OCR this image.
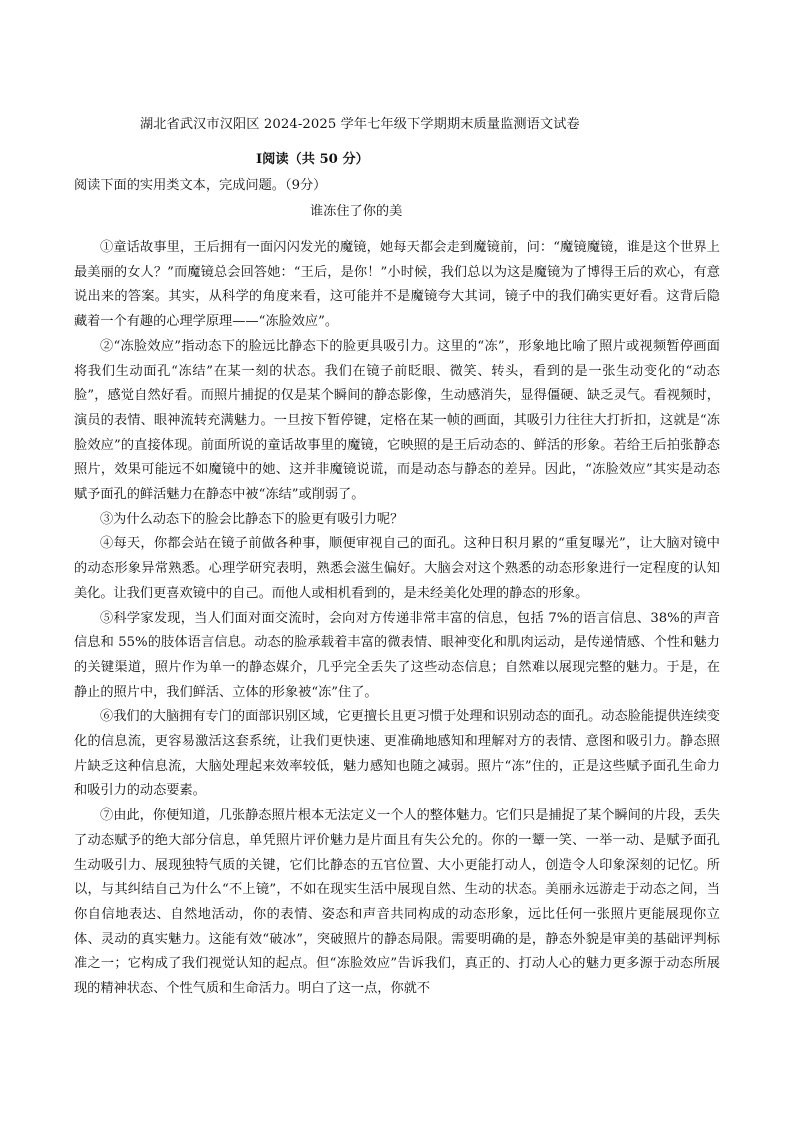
湖北省武汉市汉阳区 2024-2025 学年七年级下学期期末质量监测语文试卷
Ⅰ阅读（共 50 分）
阅读下面的实用类文本，完成问题。（9分）
谁冻住了你的美

①童话故事里，王后拥有一面闪闪发光的魔镜，她每天都会走到魔镜前，问：“魔镜魔镜，谁是这个世界上最美丽的女人？”而魔镜总会回答她：“王后，是你！”小时候，我们总以为这是魔镜为了博得王后的欢心，有意说出来的答案。其实，从科学的角度来看，这可能并不是魔镜夸大其词，镜子中的我们确实更好看。这背后隐藏着一个有趣的心理学原理——“冻脸效应”。

②“冻脸效应”指动态下的脸远比静态下的脸更具吸引力。这里的“冻”，形象地比喻了照片或视频暂停画面将我们生动面孔“冻结”在某一刻的状态。我们在镜子前眨眼、微笑、转头，看到的是一张生动变化的“动态脸”，感觉自然好看。而照片捕捉的仅是某个瞬间的静态影像，生动感消失，显得僵硬、缺乏灵气。看视频时，演员的表情、眼神流转充满魅力。一旦按下暂停键，定格在某一帧的画面，其吸引力往往大打折扣，这就是“冻脸效应”的直接体现。前面所说的童话故事里的魔镜，它映照的是王后动态的、鲜活的形象。若给王后拍张静态照片，效果可能远不如魔镜中的她、这并非魔镜说谎，而是动态与静态的差异。因此，“冻脸效应”其实是动态赋予面孔的鲜活魅力在静态中被“冻结”或削弱了。

③为什么动态下的脸会比静态下的脸更有吸引力呢？

④每天，你都会站在镜子前做各种事，顺便审视自己的面孔。这种日积月累的“重复曝光”，让大脑对镜中的动态形象异常熟悉。心理学研究表明，熟悉会滋生偏好。大脑会对这个熟悉的动态形象进行一定程度的认知美化。让我们更喜欢镜中的自己。而他人或相机看到的，是未经美化处理的静态的形象。

⑤科学家发现，当人们面对面交流时，会向对方传递非常丰富的信息，包括 7%的语言信息、38%的声音信息和 55%的肢体语言信息。动态的脸承载着丰富的微表情、眼神变化和肌肉运动，是传递情感、个性和魅力的关键渠道，照片作为单一的静态媒介，几乎完全丢失了这些动态信息；自然难以展现完整的魅力。于是，在静止的照片中，我们鲜活、立体的形象被“冻”住了。

⑥我们的大脑拥有专门的面部识别区域，它更擅长且更习惯于处理和识别动态的面孔。动态脸能提供连续变化的信息流，更容易激活这套系统，让我们更快速、更准确地感知和理解对方的表情、意图和吸引力。静态照片缺乏这种信息流，大脑处理起来效率较低，魅力感知也随之减弱。照片“冻”住的，正是这些赋予面孔生命力和吸引力的动态要素。

⑦由此，你便知道，几张静态照片根本无法定义一个人的整体魅力。它们只是捕捉了某个瞬间的片段，丢失了动态赋予的绝大部分信息，单凭照片评价魅力是片面且有失公允的。你的一颦一笑、一举一动、是赋予面孔生动吸引力、展现独特气质的关键，它们比静态的五官位置、大小更能打动人，创造令人印象深刻的记忆。所以，与其纠结自己为什么“不上镜”，不如在现实生活中展现自然、生动的状态。美丽永远游走于动态之间，当你自信地表达、自然地活动，你的表情、姿态和声音共同构成的动态形象，远比任何一张照片更能展现你立体、灵动的真实魅力。这能有效“破冰”，突破照片的静态局限。需要明确的是，静态外貌是审美的基础评判标准之一；它构成了我们视觉认知的起点。但“冻脸效应”告诉我们，真正的、打动人心的魅力更多源于动态所展现的精神状态、个性气质和生命活力。明白了这一点，你就不
